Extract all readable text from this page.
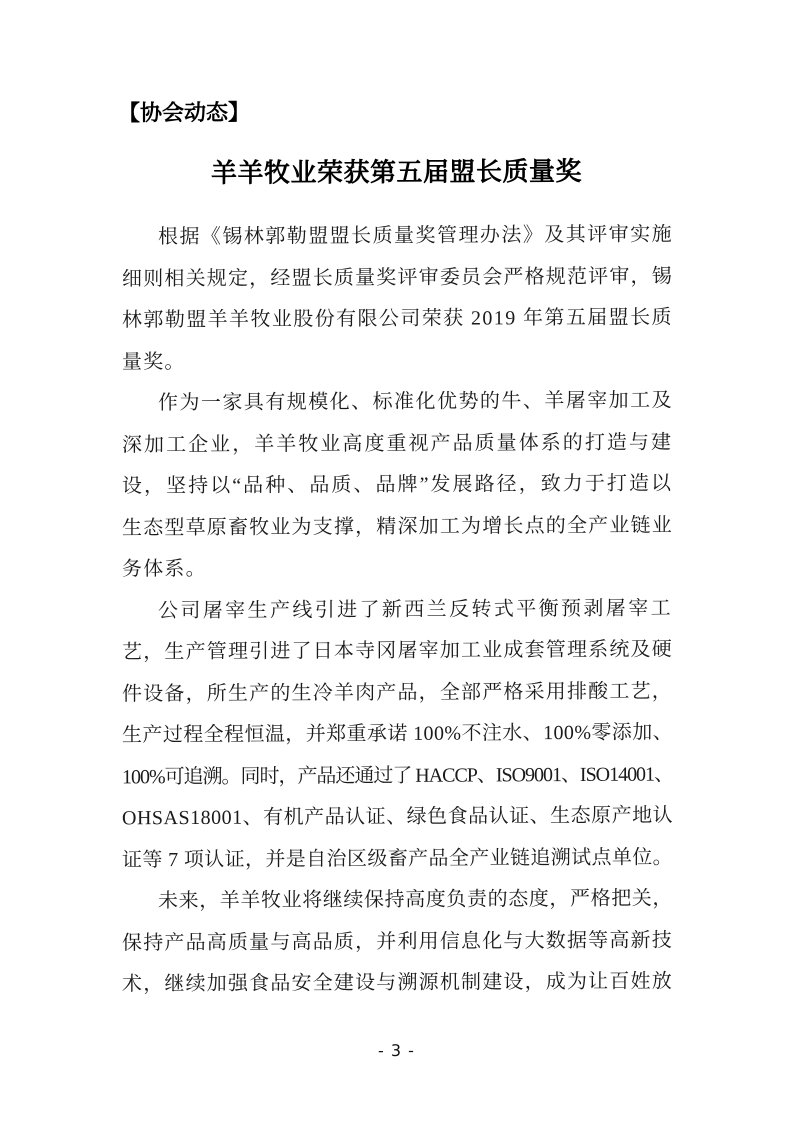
【协会动态】
羊羊牧业荣获第五届盟长质量奖
根据《锡林郭勒盟盟长质量奖管理办法》及其评审实施
细则相关规定，经盟长质量奖评审委员会严格规范评审，锡
林郭勒盟羊羊牧业股份有限公司荣获 2019 年第五届盟长质
量奖。
作为一家具有规模化、标准化优势的牛、羊屠宰加工及
深加工企业，羊羊牧业高度重视产品质量体系的打造与建
设，坚持以“品种、品质、品牌”发展路径，致力于打造以
生态型草原畜牧业为支撑，精深加工为增长点的全产业链业
务体系。
公司屠宰生产线引进了新西兰反转式平衡预剥屠宰工
艺，生产管理引进了日本寺冈屠宰加工业成套管理系统及硬
件设备，所生产的生冷羊肉产品，全部严格采用排酸工艺，
生产过程全程恒温，并郑重承诺 100%不注水、100%零添加、
100%可追溯。同时，产品还通过了 HACCP、ISO9001、ISO14001、
OHSAS18001、有机产品认证、绿色食品认证、生态原产地认
证等 7 项认证，并是自治区级畜产品全产业链追溯试点单位。
未来，羊羊牧业将继续保持高度负责的态度，严格把关，
保持产品高质量与高品质，并利用信息化与大数据等高新技
术，继续加强食品安全建设与溯源机制建设，成为让百姓放
- 3 -
